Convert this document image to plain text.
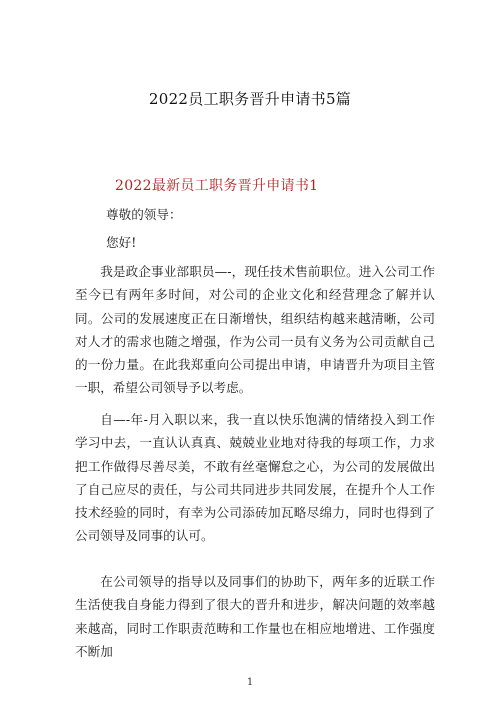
2022员工职务晋升申请书5篇
2022最新员工职务晋升申请书1
尊敬的领导：
您好!

我是政企事业部职员—-，现任技术售前职位。进入公司工作至今已有两年多时间，对公司的企业文化和经营理念了解并认同。公司的发展速度正在日渐增快，组织结构越来越清晰，公司对人才的需求也随之增强，作为公司一员有义务为公司贡献自己的一份力量。在此我郑重向公司提出申请，申请晋升为项目主管一职，希望公司领导予以考虑。

自—-年-月入职以来，我一直以快乐饱满的情绪投入到工作学习中去，一直认认真真、兢兢业业地对待我的每项工作，力求把工作做得尽善尽美，不敢有丝毫懈怠之心，为公司的发展做出了自己应尽的责任，与公司共同进步共同发展，在提升个人工作技术经验的同时，有幸为公司添砖加瓦略尽绵力，同时也得到了公司领导及同事的认可。

在公司领导的指导以及同事们的协助下，两年多的近联工作生活使我自身能力得到了很大的晋升和进步，解决问题的效率越来越高，同时工作职责范畴和工作量也在相应地增进、工作强度不断加

1
